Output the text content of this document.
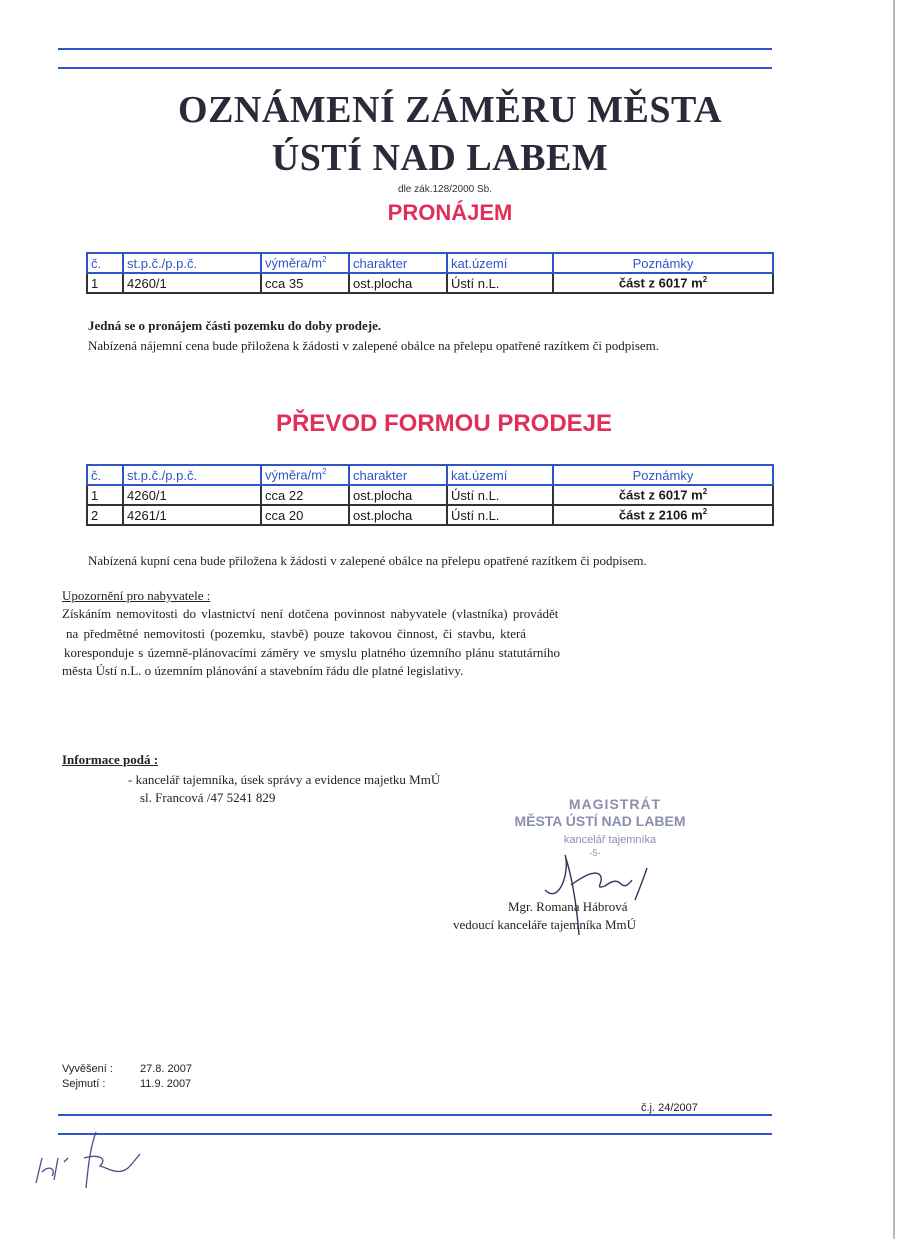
OZNÁMENÍ ZÁMĚRU MĚSTA
ÚSTÍ NAD LABEM
dle zák.128/2000 Sb.
PRONÁJEM
č.	st.p.č./p.p.č.	výměra/$m^2$	charakter	kat.území	Poznámky
1	4260/1	cca 35	ost.plocha	Ústí n.L.	část z 6017 $m^2$
Jedná se o pronájem části pozemku do doby prodeje.
Nabízená nájemní cena bude přiložena k žádosti v zalepené obálce na přelepu opatřené razítkem či podpisem.
PŘEVOD FORMOU PRODEJE
č.	st.p.č./p.p.č.	výměra/$m^2$	charakter	kat.území	Poznámky
1	4260/1	cca 22	ost.plocha	Ústí n.L.	část z 6017 $m^2$
2	4261/1	cca 20	ost.plocha	Ústí n.L.	část z 2106 $m^2$
Nabízená kupní cena bude přiložena k žádosti v zalepené obálce na přelepu opatřené razítkem či podpisem.
Upozornění pro nabyvatele :
Získáním nemovitosti do vlastnictví není dotčena povinnost nabyvatele (vlastníka) provádět
na předmětné nemovitosti (pozemku, stavbě) pouze takovou činnost, či stavbu, která
koresponduje s územně-plánovacími záměry ve smyslu platného územního plánu statutárního
města Ústí n.L. o územním plánování a stavebním řádu dle platné legislativy.
Informace podá :
- kancelář tajemníka, úsek správy a evidence majetku MmÚ
sl. Francová /47 5241 829	MAGISTRÁT
MĚSTA ÚSTÍ NAD LABEM
kancelář tajemníka
-5-
Mgr. Romana Hábrová
vedoucí kanceláře tajemníka MmÚ
Vyvěšení : 27.8. 2007
Sejmutí :	11.9. 2007
č.j. 24/2007
